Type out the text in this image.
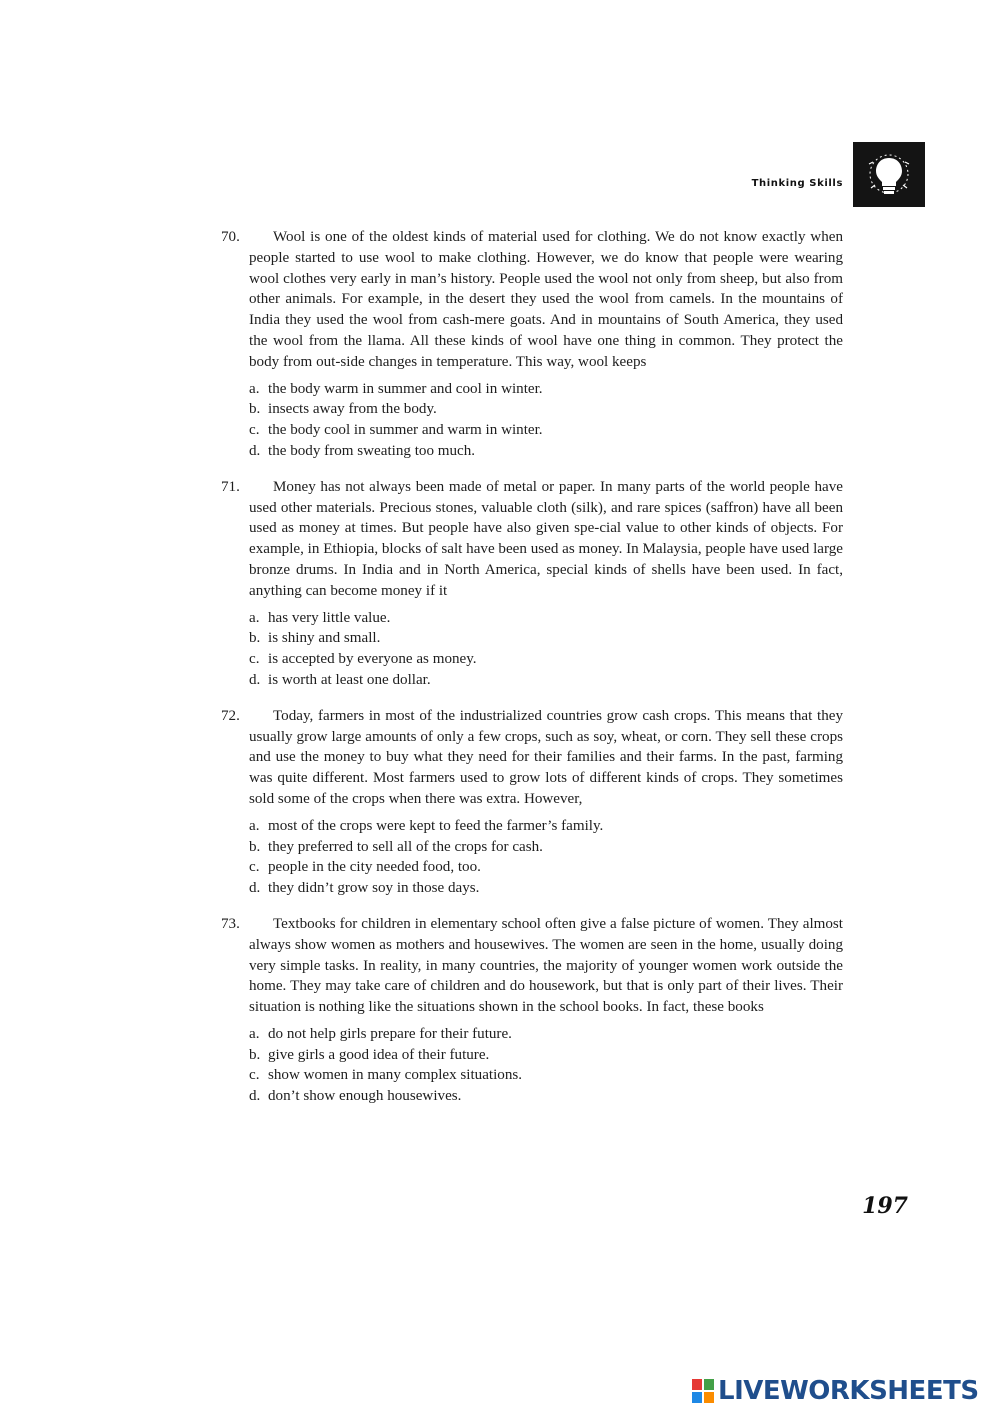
Thinking Skills
70. Wool is one of the oldest kinds of material used for clothing. We do not know exactly when people started to use wool to make clothing. However, we do know that people were wearing wool clothes very early in man’s history. People used the wool not only from sheep, but also from other animals. For example, in the desert they used the wool from camels. In the mountains of India they used the wool from cash-mere goats. And in mountains of South America, they used the wool from the llama. All these kinds of wool have one thing in common. They protect the body from out-side changes in temperature. This way, wool keeps
a. the body warm in summer and cool in winter.
b. insects away from the body.
c. the body cool in summer and warm in winter.
d. the body from sweating too much.
71. Money has not always been made of metal or paper. In many parts of the world people have used other materials. Precious stones, valuable cloth (silk), and rare spices (saffron) have all been used as money at times. But people have also given spe-cial value to other kinds of objects. For example, in Ethiopia, blocks of salt have been used as money. In Malaysia, people have used large bronze drums. In India and in North America, special kinds of shells have been used. In fact, anything can become money if it
a. has very little value.
b. is shiny and small.
c. is accepted by everyone as money.
d. is worth at least one dollar.
72. Today, farmers in most of the industrialized countries grow cash crops. This means that they usually grow large amounts of only a few crops, such as soy, wheat, or corn. They sell these crops and use the money to buy what they need for their families and their farms. In the past, farming was quite different. Most farmers used to grow lots of different kinds of crops. They sometimes sold some of the crops when there was extra. However,
a. most of the crops were kept to feed the farmer’s family.
b. they preferred to sell all of the crops for cash.
c. people in the city needed food, too.
d. they didn’t grow soy in those days.
73. Textbooks for children in elementary school often give a false picture of women. They almost always show women as mothers and housewives. The women are seen in the home, usually doing very simple tasks. In reality, in many countries, the majority of younger women work outside the home. They may take care of children and do housework, but that is only part of their lives. Their situation is nothing like the situations shown in the school books. In fact, these books
a. do not help girls prepare for their future.
b. give girls a good idea of their future.
c. show women in many complex situations.
d. don’t show enough housewives.
197
LIVEWORKSHEETS
